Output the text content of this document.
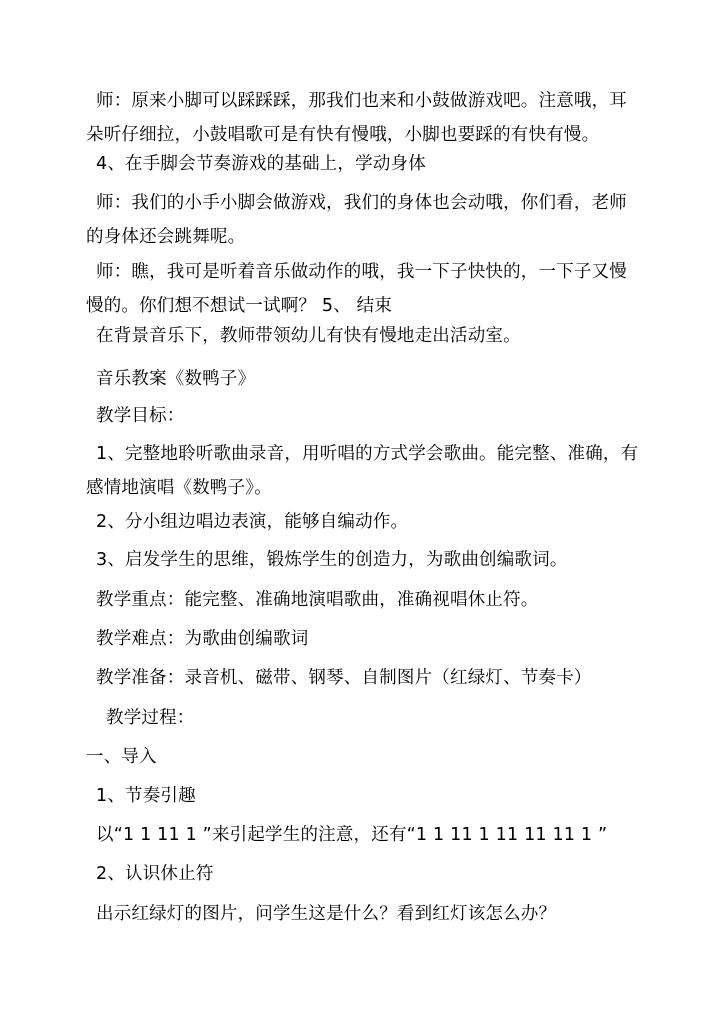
师：原来小脚可以踩踩踩，那我们也来和小鼓做游戏吧。注意哦，耳朵听仔细拉，小鼓唱歌可是有快有慢哦，小脚也要踩的有快有慢。
4、在手脚会节奏游戏的基础上，学动身体
师：我们的小手小脚会做游戏，我们的身体也会动哦，你们看，老师的身体还会跳舞呢。
师：瞧，我可是听着音乐做动作的哦，我一下子快快的，一下子又慢慢的。你们想不想试一试啊？ 5、 结束
在背景音乐下，教师带领幼儿有快有慢地走出活动室。
音乐教案《数鸭子》
教学目标：
1、完整地聆听歌曲录音，用听唱的方式学会歌曲。能完整、准确，有感情地演唱《数鸭子》。
2、分小组边唱边表演，能够自编动作。
3、启发学生的思维，锻炼学生的创造力，为歌曲创编歌词。
教学重点：能完整、准确地演唱歌曲，准确视唱休止符。
教学难点：为歌曲创编歌词
教学准备：录音机、磁带、钢琴、自制图片（红绿灯、节奏卡）
教学过程：
一、导入
1、节奏引趣
以“1 1 11 1 ”来引起学生的注意，还有“1 1 11 1 11 11 11 1 ”
2、认识休止符
出示红绿灯的图片，问学生这是什么？看到红灯该怎么办？
